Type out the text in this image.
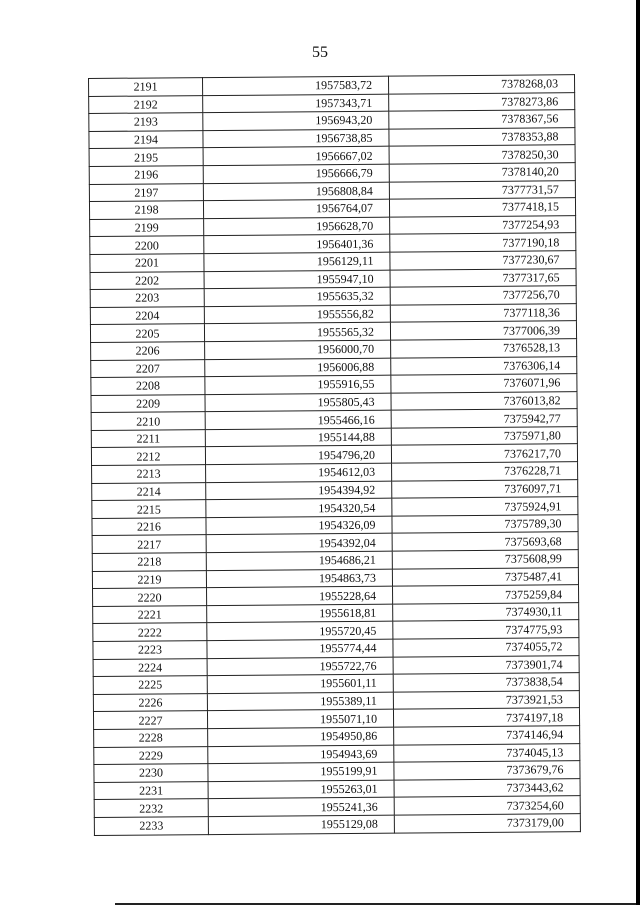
55
2191	1957583,72	7378268,03
2192	1957343,71	7378273,86
2193	1956943,20	7378367,56
2194	1956738,85	7378353,88
2195	1956667,02	7378250,30
2196	1956666,79	7378140,20
2197	1956808,84	7377731,57
2198	1956764,07	7377418,15
2199	1956628,70	7377254,93
2200	1956401,36	7377190,18
2201	1956129,11	7377230,67
2202	1955947,10	7377317,65
2203	1955635,32	7377256,70
2204	1955556,82	7377118,36
2205	1955565,32	7377006,39
2206	1956000,70	7376528,13
2207	1956006,88	7376306,14
2208	1955916,55	7376071,96
2209	1955805,43	7376013,82
2210	1955466,16	7375942,77
2211	1955144,88	7375971,80
2212	1954796,20	7376217,70
2213	1954612,03	7376228,71
2214	1954394,92	7376097,71
2215	1954320,54	7375924,91
2216	1954326,09	7375789,30
2217	1954392,04	7375693,68
2218	1954686,21	7375608,99
2219	1954863,73	7375487,41
2220	1955228,64	7375259,84
2221	1955618,81	7374930,11
2222	1955720,45	7374775,93
2223	1955774,44	7374055,72
2224	1955722,76	7373901,74
2225	1955601,11	7373838,54
2226	1955389,11	7373921,53
2227	1955071,10	7374197,18
2228	1954950,86	7374146,94
2229	1954943,69	7374045,13
2230	1955199,91	7373679,76
2231	1955263,01	7373443,62
2232	1955241,36	7373254,60
2233	1955129,08	7373179,00
